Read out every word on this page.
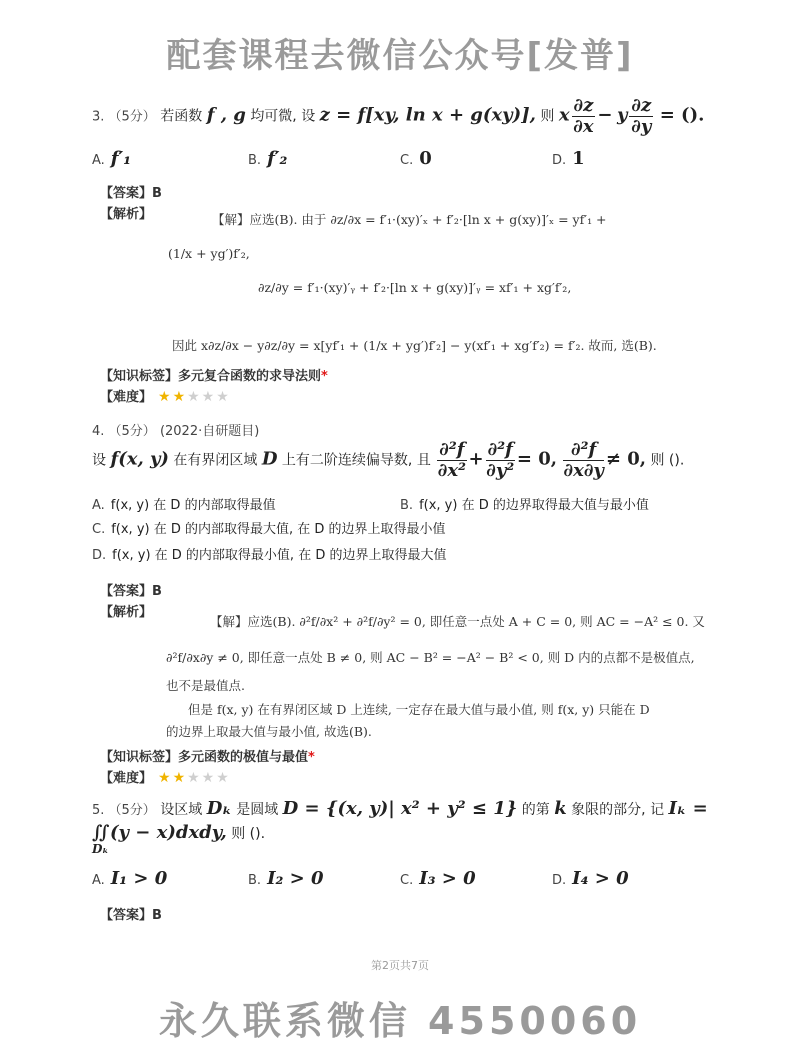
配套课程去微信公众号[发普]
3. （5分） 若函数 f , g 均可微, 设 z = f[xy, ln x + g(xy)], 则 x $\frac{\partial z}{\partial x} - y \frac{\partial z}{\partial y}$ = ().
A. f′₁	B. f′₂	C. 0	D. 1
【答案】B
【解析】	【解】应选(B). 由于 ∂z/∂x = f′₁·(xy)′ₓ + f′₂·[ln x + g(xy)]′ₓ = yf′₁ +
(1/x + yg′)f′₂,
∂z/∂y = f′₁·(xy)′ᵧ + f′₂·[ln x + g(xy)]′ᵧ = xf′₁ + xg′f′₂,
因此 x∂z/∂x − y∂z/∂y = x[yf′₁ + (1/x + yg′)f′₂] − y(xf′₁ + xg′f′₂) = f′₂. 故而, 选(B).
【知识标签】多元复合函数的求导法则*
【难度】 ★★★★★
4. （5分） (2022·自研题目)
设 f(x, y) 在有界闭区域 D 上有二阶连续偏导数, 且 $\frac{\text{∂²f}}{\text{∂x²}} + \frac{\text{∂²f}}{\text{∂y²}} = 0$, $\frac{\text{∂²f}}{\partial x\partial y} \ne 0$, 则 ().
A. f(x, y) 在 D 的内部取得最值	B. f(x, y) 在 D 的边界取得最大值与最小值
C. f(x, y) 在 D 的内部取得最大值, 在 D 的边界上取得最小值
D. f(x, y) 在 D 的内部取得最小值, 在 D 的边界上取得最大值
【答案】B
【解析】
【解】应选(B). ∂²f/∂x² + ∂²f/∂y² = 0, 即任意一点处 A + C = 0, 则 AC = −A² ≤ 0. 又
∂²f/∂x∂y ≠ 0, 即任意一点处 B ≠ 0, 则 AC − B² = −A² − B² < 0, 则 D 内的点都不是极值点,
也不是最值点.
但是 f(x, y) 在有界闭区域 D 上连续, 一定存在最大值与最小值, 则 f(x, y) 只能在 D
的边界上取最大值与最小值, 故选(B).
【知识标签】多元函数的极值与最值*
【难度】 ★★★★★
5. （5分） 设区域 Dₖ 是圆域 D = {(x, y)| x² + y² ≤ 1} 的第 k 象限的部分, 记 Iₖ =
∬(y − x)dxdy, 则 ().
Dₖ
A. I₁ > 0	B. I₂ > 0	C. I₃ > 0	D. I₄ > 0
【答案】B
第2页共7页
永久联系微信 4550060
